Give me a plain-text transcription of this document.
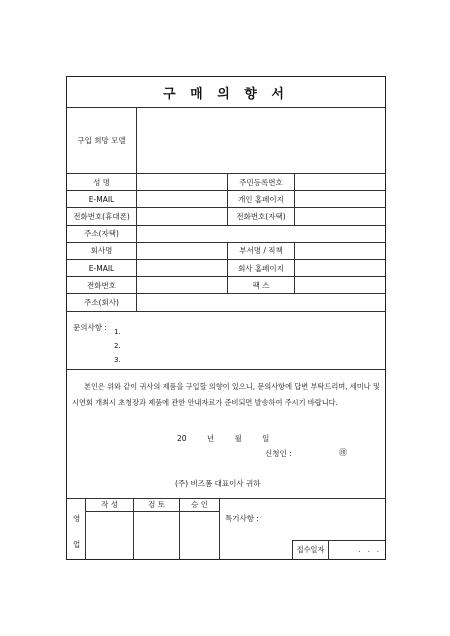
구 매 의 향 서
구입 희망 모델
성 명	주민등록번호
E-MAIL	개인 홈페이지
전화번호(휴대폰)	전화번호(자택)
주소(자택)
회사명	부서명 / 직책
E-MAIL	회사 홈페이지
전화번호	팩 스
주소(회사)
문의사항 : 1.
2.
3.
본인은 위와 같이 귀사의 제품을 구입할 의향이 있으니, 문의사항에 답변 부탁드리며, 세미나 및 시연회 개최시 초청장과 제품에 관한 안내자료가 준비되면 발송하여 주시기 바랍니다.
20 년 월 일
신청인 :	㊞
(주) 비즈폼 대표이사 귀하
영
업
작 성	검 토	승 인
특기사항 :
접수일자	.   .   .
